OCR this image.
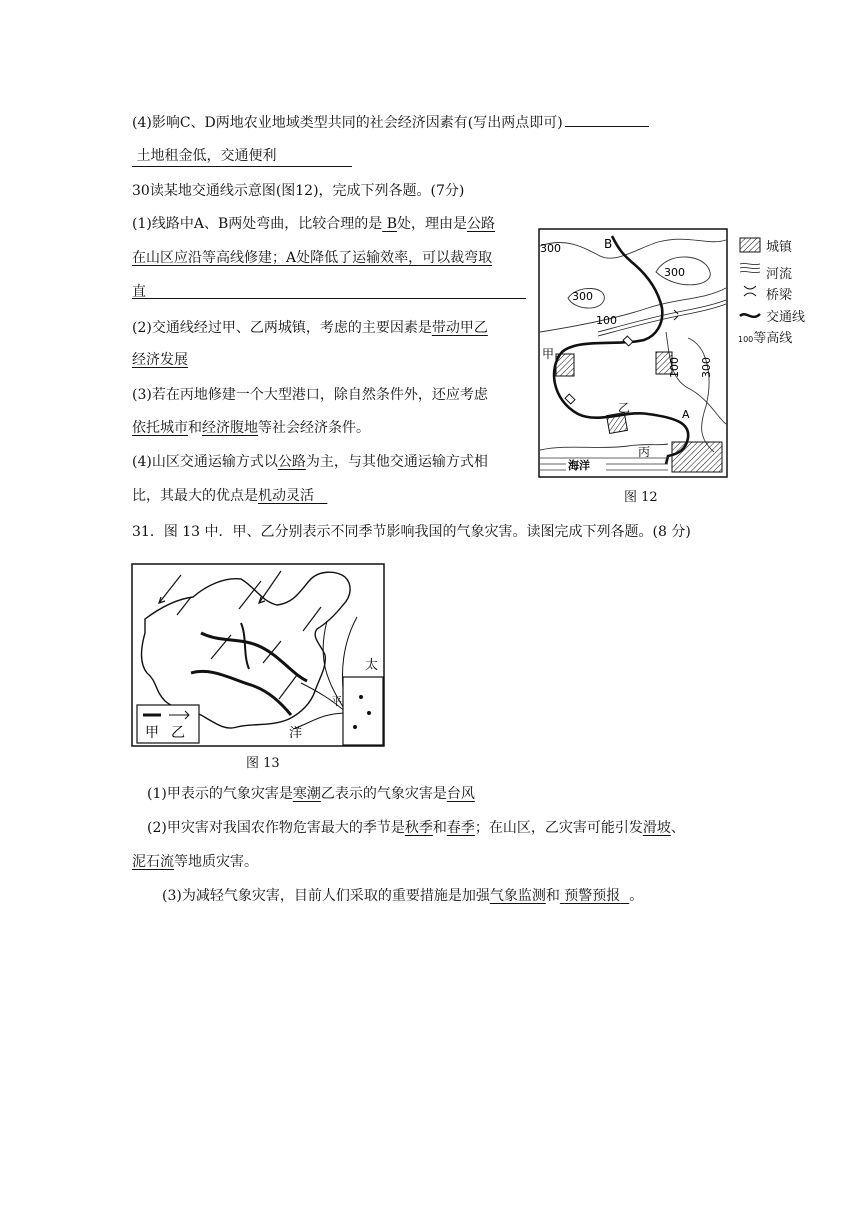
(4)影响C、D两地农业地域类型共同的社会经济因素有(写出两点即可)
土地租金低，交通便利
30读某地交通线示意图(图12)，完成下列各题。(7分)
(1)线路中A、B两处弯曲，比较合理的是 B处，理由是公路
在山区应沿等高线修建；A处降低了运输效率，可以裁弯取
直
(2)交通线经过甲、乙两城镇，考虑的主要因素是带动甲乙
经济发展
(3)若在丙地修建一个大型港口，除自然条件外，还应考虑
依托城市和经济腹地等社会经济条件。
(4)山区交通运输方式以公路为主，与其他交通运输方式相
比，其最大的优点是机动灵活
B
A
甲
乙
丙
海洋
300
300
300
300
100
100
城镇
河流
桥梁
交通线
100等高线
图 12
31．图 13 中．甲、乙分别表示不同季节影响我国的气象灾害。读图完成下列各题。(8 分)
甲 乙
太
平
洋
图 13
(1)甲表示的气象灾害是寒潮乙表示的气象灾害是台风
(2)甲灾害对我国农作物危害最大的季节是秋季和春季；在山区，乙灾害可能引发滑坡、
泥石流等地质灾害。
(3)为减轻气象灾害，目前人们采取的重要措施是加强气象监测和 预警预报 。
